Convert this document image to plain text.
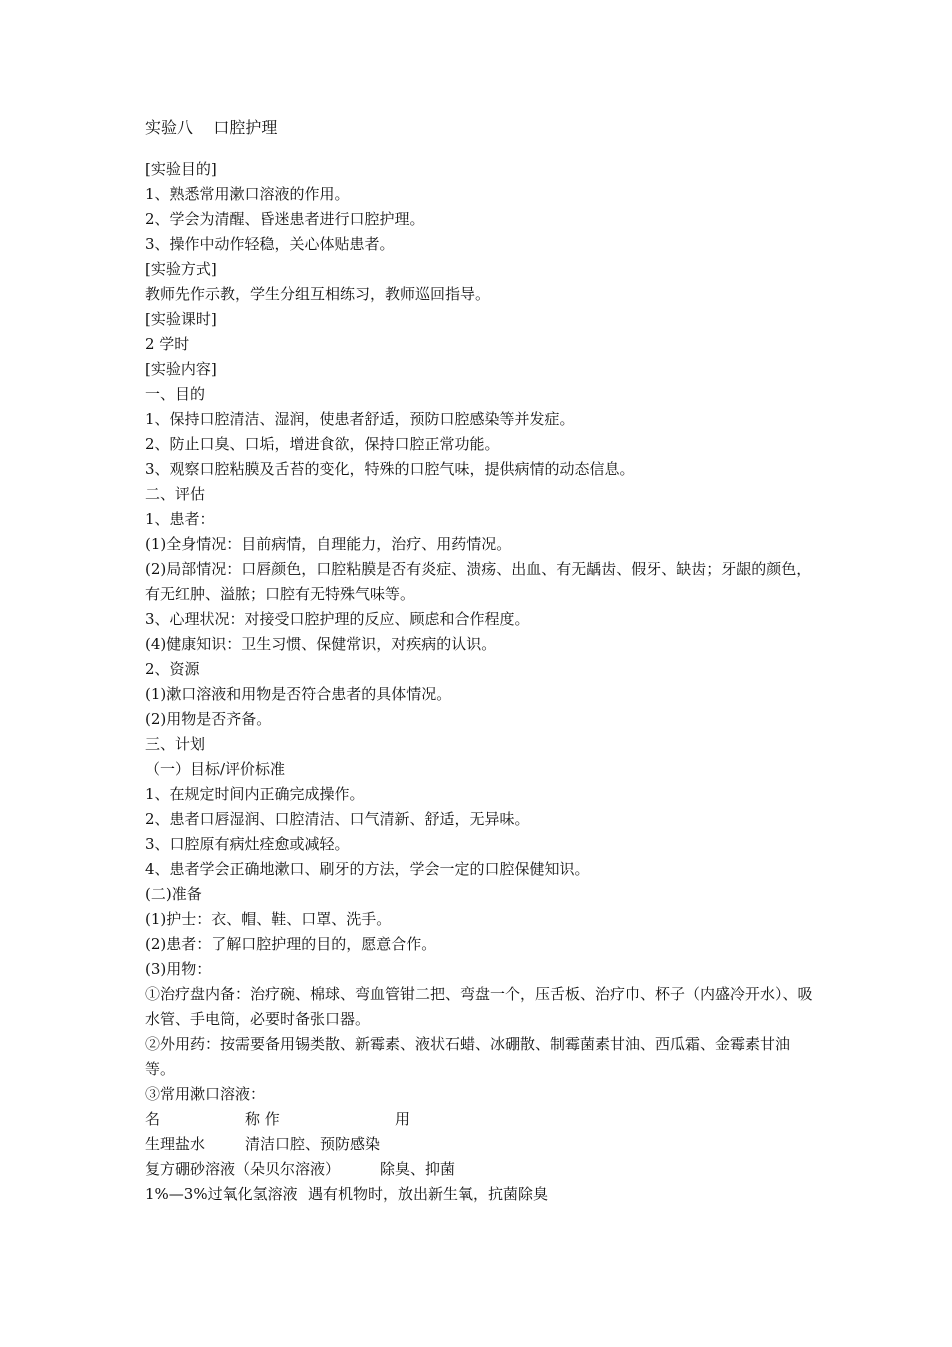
实验八    口腔护理
[实验目的]
1、熟悉常用漱口溶液的作用。
2、学会为清醒、昏迷患者进行口腔护理。
3、操作中动作轻稳，关心体贴患者。
[实验方式]
教师先作示教，学生分组互相练习，教师巡回指导。
[实验课时]
2 学时
[实验内容]
一、目的
1、保持口腔清洁、湿润，使患者舒适，预防口腔感染等并发症。
2、防止口臭、口垢，增进食欲，保持口腔正常功能。
3、观察口腔粘膜及舌苔的变化，特殊的口腔气味，提供病情的动态信息。
二、评估
1、患者：
(1)全身情况：目前病情，自理能力，治疗、用药情况。
(2)局部情况：口唇颜色，口腔粘膜是否有炎症、溃疡、出血、有无龋齿、假牙、缺齿；牙龈的颜色，有无红肿、溢脓；口腔有无特殊气味等。
3、心理状况：对接受口腔护理的反应、顾虑和合作程度。
(4)健康知识：卫生习惯、保健常识，对疾病的认识。
2、资源
(1)漱口溶液和用物是否符合患者的具体情况。
(2)用物是否齐备。
三、计划
（一）目标/评价标准
1、在规定时间内正确完成操作。
2、患者口唇湿润、口腔清洁、口气清新、舒适，无异味。
3、口腔原有病灶痊愈或减轻。
4、患者学会正确地漱口、刷牙的方法，学会一定的口腔保健知识。
(二)准备
(1)护士：衣、帽、鞋、口罩、洗手。
(2)患者：了解口腔护理的目的，愿意合作。
(3)用物：
①治疗盘内备：治疗碗、棉球、弯血管钳二把、弯盘一个，压舌板、治疗巾、杯子（内盛冷开水）、吸水管、手电筒，必要时备张口器。
②外用药：按需要备用锡类散、新霉素、液状石蜡、冰硼散、制霉菌素甘油、西瓜霜、金霉素甘油等。
③常用漱口溶液：
名	称 作	用
生理盐水	清洁口腔、预防感染
复方硼砂溶液（朵贝尔溶液）	除臭、抑菌
1%—3%过氧化氢溶液 遇有机物时，放出新生氧，抗菌除臭
